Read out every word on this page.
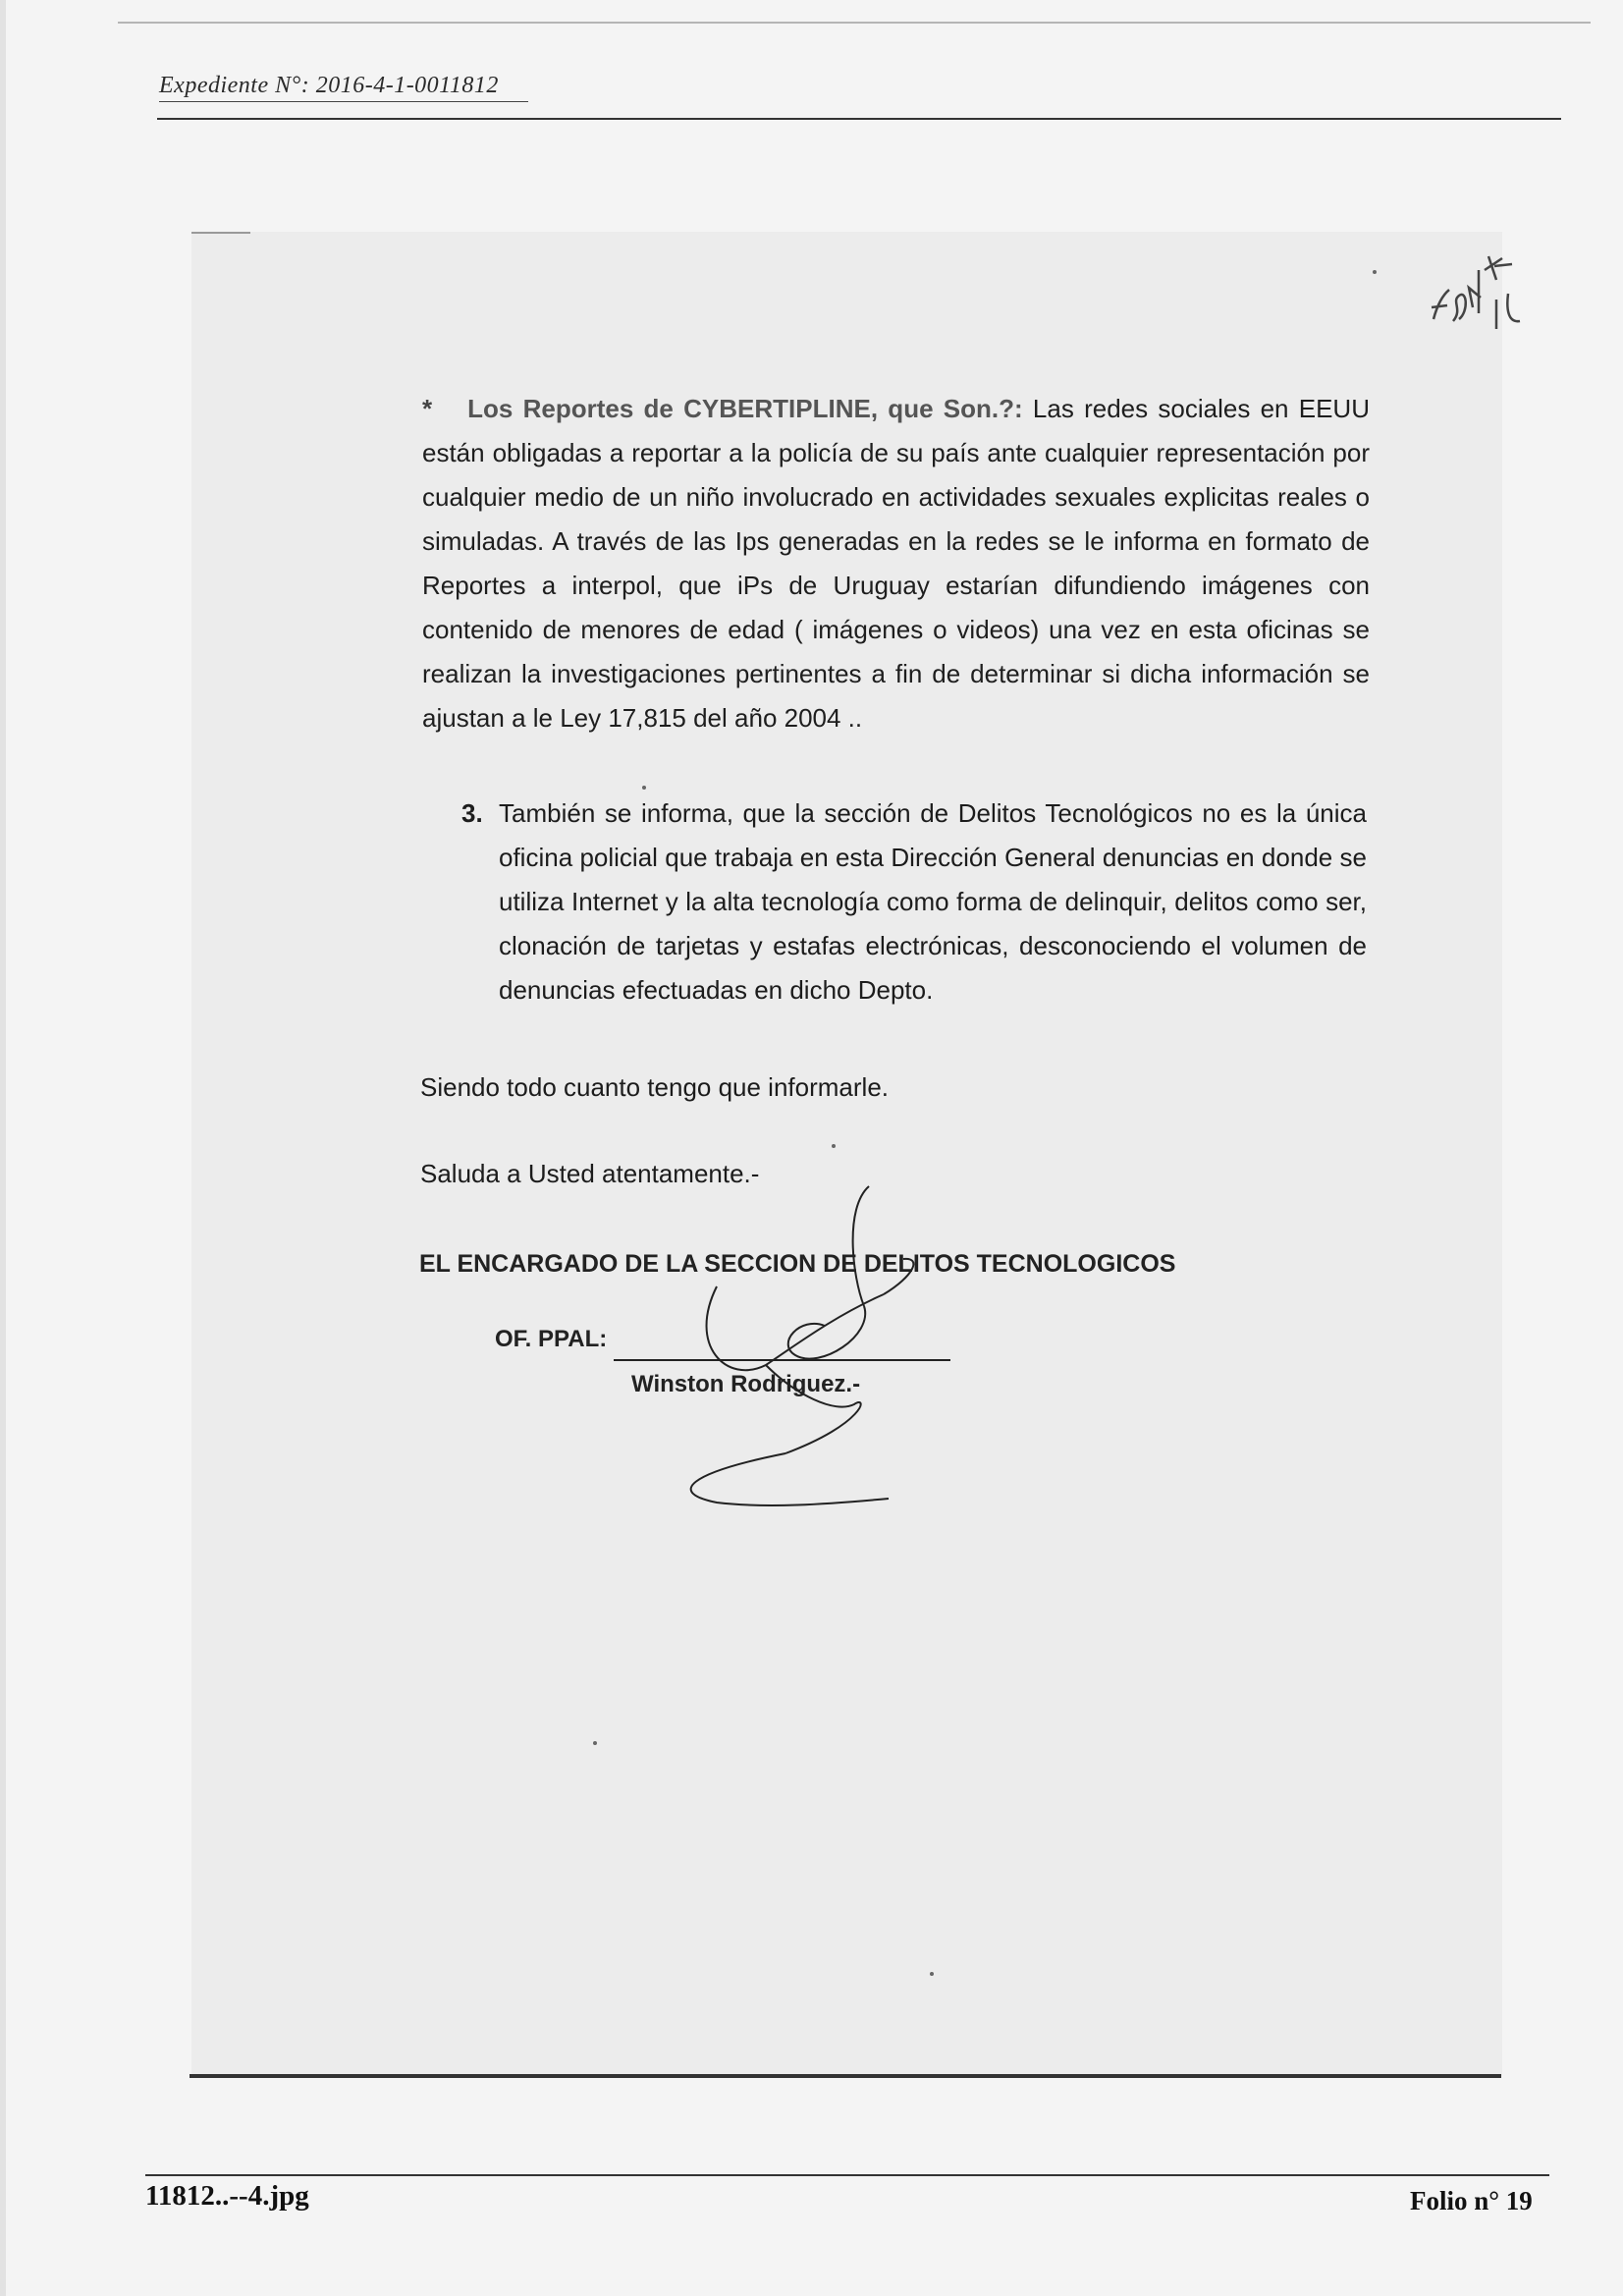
Expediente N°: 2016-4-1-0011812
* Los Reportes de CYBERTIPLINE, que Son.?: Las redes sociales en EEUU están obligadas a reportar a la policía de su país ante cualquier representación por cualquier medio de un niño involucrado en actividades sexuales explicitas reales o simuladas. A través de las Ips generadas en la redes se le informa en formato de Reportes a interpol, que iPs de Uruguay estarían difundiendo imágenes con contenido de menores de edad ( imágenes o videos) una vez en esta oficinas se realizan la investigaciones pertinentes a fin de determinar si dicha información se ajustan a le Ley 17,815 del año 2004 ..
3. También se informa, que la sección de Delitos Tecnológicos no es la única oficina policial que trabaja en esta Dirección General denuncias en donde se utiliza Internet y la alta tecnología como forma de delinquir, delitos como ser, clonación de tarjetas y estafas electrónicas, desconociendo el volumen de denuncias efectuadas en dicho Depto.
Siendo todo cuanto tengo que informarle.
Saluda a Usted atentamente.-
EL ENCARGADO DE LA SECCION DE DELITOS TECNOLOGICOS
OF. PPAL:
Winston Rodriguez.-
11812..--4.jpg	Folio n° 19
